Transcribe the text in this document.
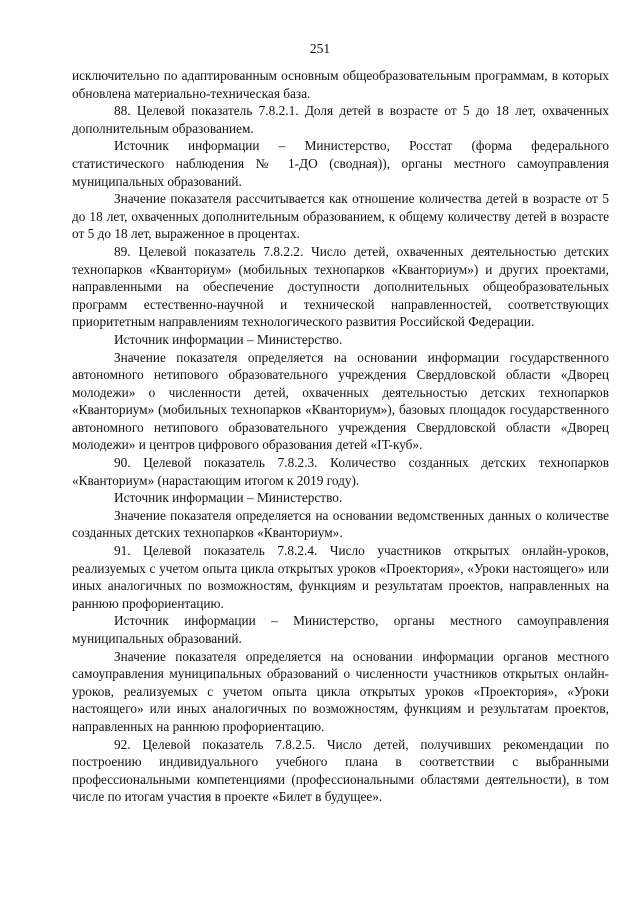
251

исключительно по адаптированным основным общеобразовательным программам, в которых обновлена материально-техническая база.

88. Целевой показатель 7.8.2.1. Доля детей в возрасте от 5 до 18 лет, охваченных дополнительным образованием.

Источник информации – Министерство, Росстат (форма федерального статистического наблюдения № 1-ДО (сводная)), органы местного самоуправления муниципальных образований.

Значение показателя рассчитывается как отношение количества детей в возрасте от 5 до 18 лет, охваченных дополнительным образованием, к общему количеству детей в возрасте от 5 до 18 лет, выраженное в процентах.

89. Целевой показатель 7.8.2.2. Число детей, охваченных деятельностью детских технопарков «Кванториум» (мобильных технопарков «Кванториум») и других проектами, направленными на обеспечение доступности дополнительных общеобразовательных программ естественно-научной и технической направленностей, соответствующих приоритетным направлениям технологического развития Российской Федерации.

Источник информации – Министерство.

Значение показателя определяется на основании информации государственного автономного нетипового образовательного учреждения Свердловской области «Дворец молодежи» о численности детей, охваченных деятельностью детских технопарков «Кванториум» (мобильных технопарков «Кванториум»), базовых площадок государственного автономного нетипового образовательного учреждения Свердловской области «Дворец молодежи» и центров цифрового образования детей «IT-куб».

90. Целевой показатель 7.8.2.3. Количество созданных детских технопарков «Кванториум» (нарастающим итогом к 2019 году).

Источник информации – Министерство.

Значение показателя определяется на основании ведомственных данных о количестве созданных детских технопарков «Кванториум».

91. Целевой показатель 7.8.2.4. Число участников открытых онлайн-уроков, реализуемых с учетом опыта цикла открытых уроков «Проектория», «Уроки настоящего» или иных аналогичных по возможностям, функциям и результатам проектов, направленных на раннюю профориентацию.

Источник информации – Министерство, органы местного самоуправления муниципальных образований.

Значение показателя определяется на основании информации органов местного самоуправления муниципальных образований о численности участников открытых онлайн-уроков, реализуемых с учетом опыта цикла открытых уроков «Проектория», «Уроки настоящего» или иных аналогичных по возможностям, функциям и результатам проектов, направленных на раннюю профориентацию.

92. Целевой показатель 7.8.2.5. Число детей, получивших рекомендации по построению индивидуального учебного плана в соответствии с выбранными профессиональными компетенциями (профессиональными областями деятельности), в том числе по итогам участия в проекте «Билет в будущее».
